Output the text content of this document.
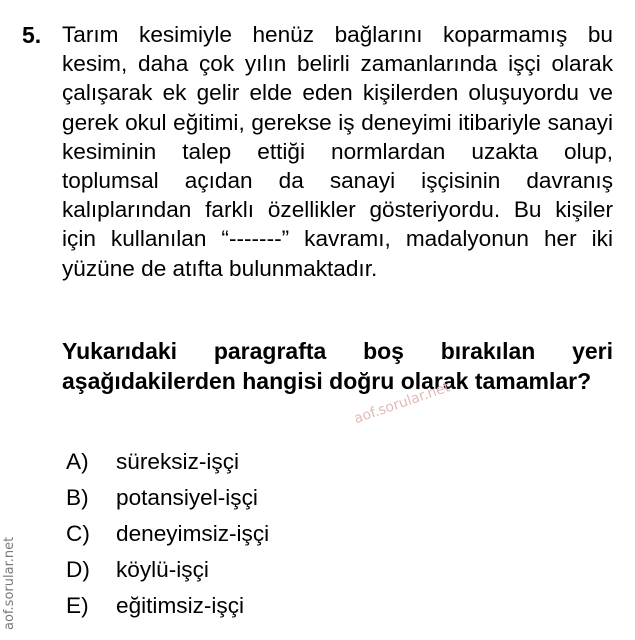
5. Tarım kesimiyle henüz bağlarını koparmamış bu kesim, daha çok yılın belirli zamanlarında işçi olarak çalışarak ek gelir elde eden kişilerden oluşuyordu ve gerek okul eğitimi, gerekse iş deneyimi itibariyle sanayi kesiminin talep ettiği normlardan uzakta olup, toplumsal açıdan da sanayi işçisinin davranış kalıplarından farklı özellikler gösteriyordu. Bu kişiler için kullanılan “-------” kavramı, madalyonun her iki yüzüne de atıfta bulunmaktadır.
Yukarıdaki paragrafta boş bırakılan yeri aşağıdakilerden hangisi doğru olarak tamamlar?
A)	süreksiz-işçi
B)	potansiyel-işçi
C)	deneyimsiz-işçi
D)	köylü-işçi
E)	eğitimsiz-işçi
aof.sorular.net
aof.sorular.net
